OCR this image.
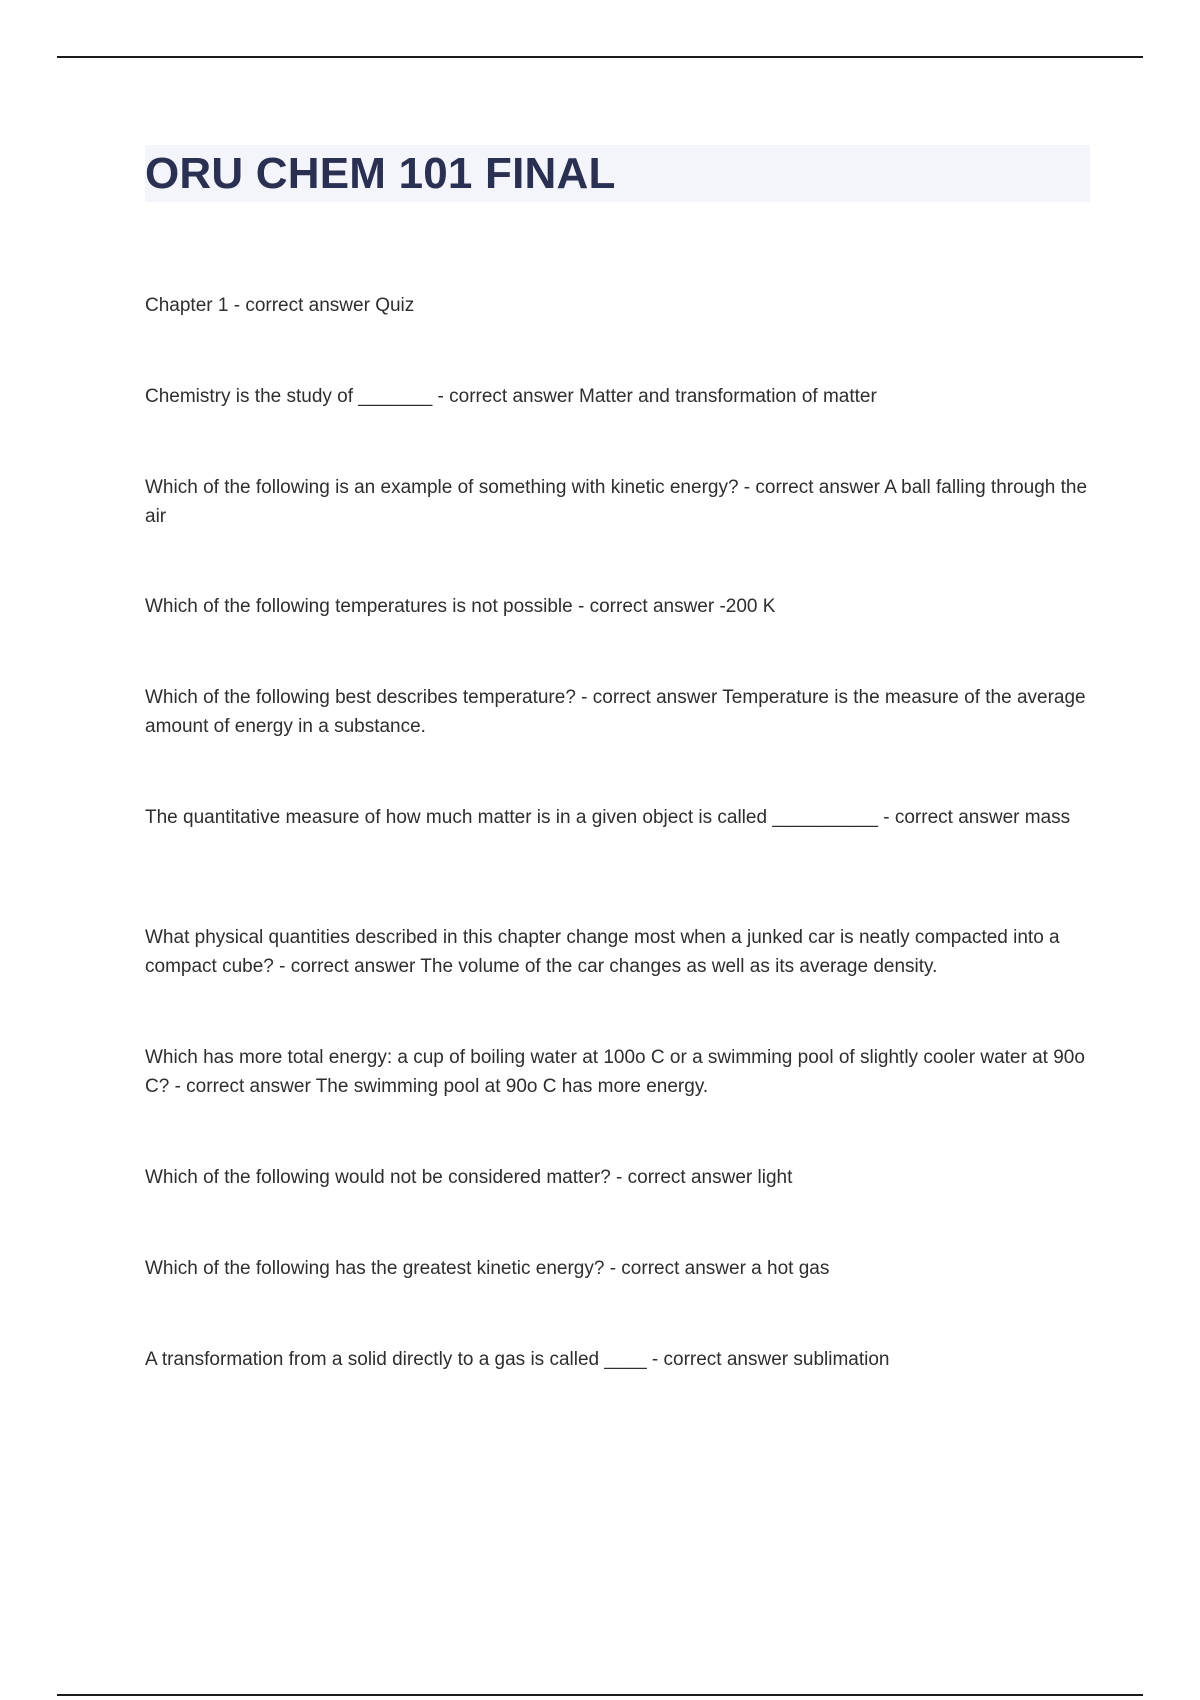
ORU CHEM 101 FINAL

Chapter 1 - correct answer Quiz

Chemistry is the study of _______ - correct answer Matter and transformation of matter

Which of the following is an example of something with kinetic energy? - correct answer A ball falling through the air

Which of the following temperatures is not possible - correct answer -200 K

Which of the following best describes temperature? - correct answer Temperature is the measure of the average amount of energy in a substance.

The quantitative measure of how much matter is in a given object is called __________ - correct answer mass

What physical quantities described in this chapter change most when a junked car is neatly compacted into a compact cube? - correct answer The volume of the car changes as well as its average density.

Which has more total energy: a cup of boiling water at 100o C or a swimming pool of slightly cooler water at 90o C? - correct answer The swimming pool at 90o C has more energy.

Which of the following would not be considered matter? - correct answer light

Which of the following has the greatest kinetic energy? - correct answer a hot gas

A transformation from a solid directly to a gas is called ____ - correct answer sublimation
